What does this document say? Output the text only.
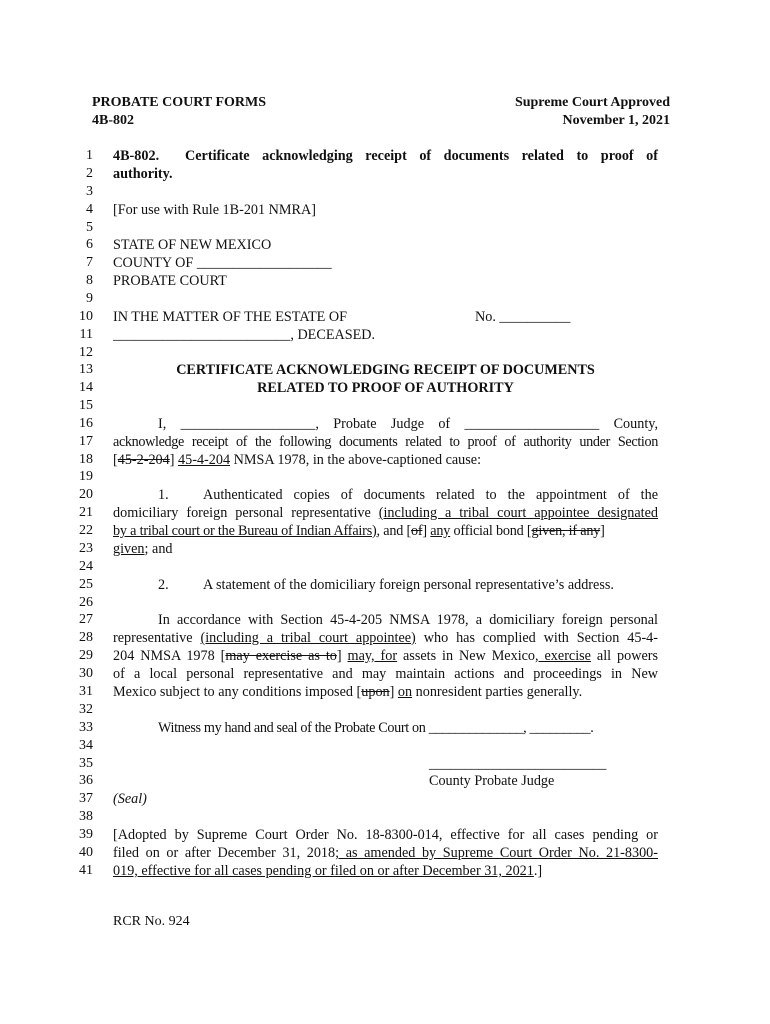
PROBATE COURT FORMS
4B-802
Supreme Court Approved
November 1, 2021
1
2
3
4
5
6
7
8
9
10
11
12
13
14
15
16
17
18
19
20
21
22
23
24
25
26
27
28
29
30
31
32
33
34
35
36
37
38
39
40
41
4B-802. Certificate acknowledging receipt of documents related to proof of
authority.
[For use with Rule 1B-201 NMRA]
STATE OF NEW MEXICO
COUNTY OF ___________________
PROBATE COURT
IN THE MATTER OF THE ESTATE OF	No. __________
_________________________, DECEASED.
CERTIFICATE ACKNOWLEDGING RECEIPT OF DOCUMENTS
RELATED TO PROOF OF AUTHORITY
I, ___________________, Probate Judge of ___________________ County,
acknowledge receipt of the following documents related to proof of authority under Section
[45-2-204] 45-4-204 NMSA 1978, in the above-captioned cause:
1. Authenticated copies of documents related to the appointment of the
domiciliary foreign personal representative (including a tribal court appointee designated
by a tribal court or the Bureau of Indian Affairs), and [of] any official bond [given, if any]
given; and
2. A statement of the domiciliary foreign personal representative’s address.
In accordance with Section 45-4-205 NMSA 1978, a domiciliary foreign personal
representative (including a tribal court appointee) who has complied with Section 45-4-
204 NMSA 1978 [may exercise as to] may, for assets in New Mexico, exercise all powers
of a local personal representative and may maintain actions and proceedings in New
Mexico subject to any conditions imposed [upon] on nonresident parties generally.
Witness my hand and seal of the Probate Court on ______________, _________.
_________________________
County Probate Judge
(Seal)
[Adopted by Supreme Court Order No. 18-8300-014, effective for all cases pending or
filed on or after December 31, 2018; as amended by Supreme Court Order No. 21-8300-
019, effective for all cases pending or filed on or after December 31, 2021.]
RCR No. 924
